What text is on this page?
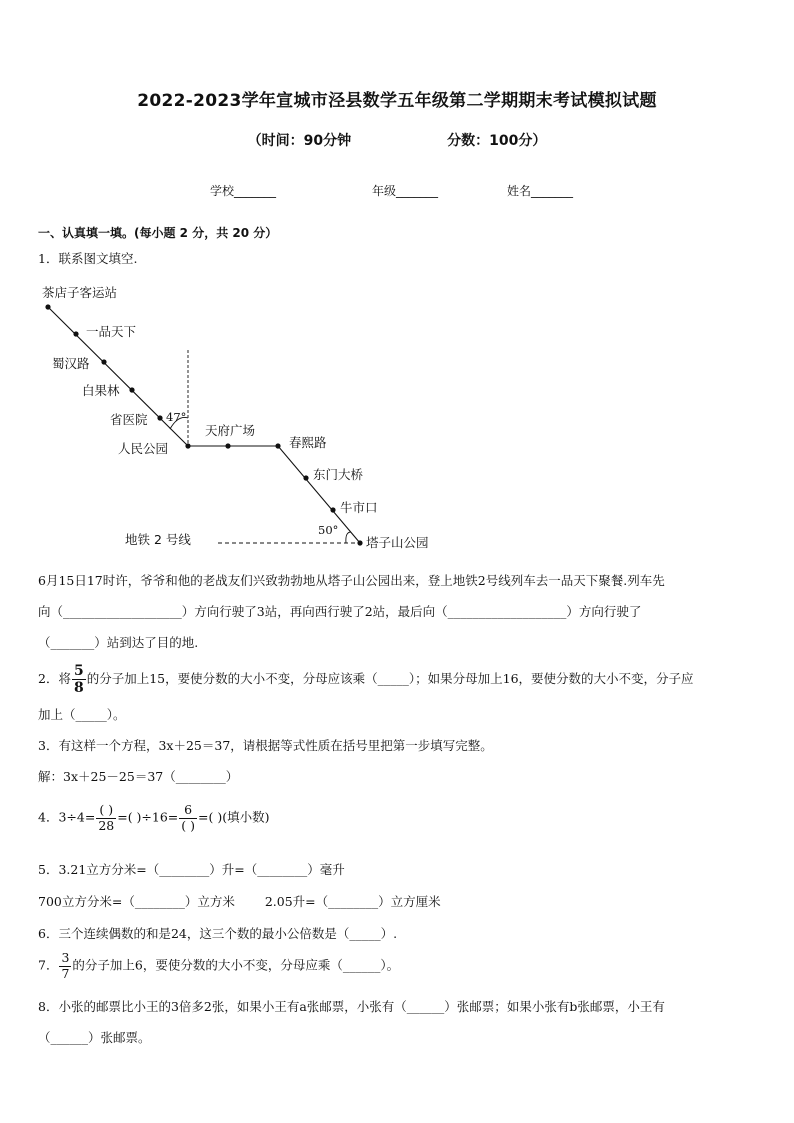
2022-2023学年宣城市泾县数学五年级第二学期期末考试模拟试题
（时间：90分钟	分数：100分）
学校_______	年级_______	姓名_______
一、认真填一填。(每小题 2 分，共 20 分）
1．联系图文填空.
茶店子客运站
一品天下
蜀汉路
白果林
省医院
人民公园
天府广场
春熙路
东门大桥
牛市口
塔子山公园
地铁 2 号线
47°
50°
6月15日17时许，爷爷和他的老战友们兴致勃勃地从塔子山公园出来，登上地铁2号线列车去一品天下聚餐.列车先
向（___________________）方向行驶了3站，再向西行驶了2站，最后向（___________________）方向行驶了
（_______）站到达了目的地.
2．将 $\frac{5}{8}$ 的分子加上15，要使分数的大小不变，分母应该乘（_____）；如果分母加上16，要使分数的大小不变，分子应
加上（_____）。
3．有这样一个方程，3x＋25＝37，请根据等式性质在括号里把第一步填写完整。
解：3x＋25－25＝37（________）
4．$3\div 4= \frac{( )}{28}$ =( )$\div 16= \frac{6}{( )}$ =( )(填小数)
5．3.21立方分米=（________）升=（________）毫升
700立方分米=（________）立方米 2.05升=（________）立方厘米
6．三个连续偶数的和是24，这三个数的最小公倍数是（_____）.
7． $\frac{3}{7}$ 的分子加上6，要使分数的大小不变，分母应乘（______）。
8．小张的邮票比小王的3倍多2张，如果小王有a张邮票，小张有（______）张邮票；如果小张有b张邮票，小王有
（______）张邮票。
